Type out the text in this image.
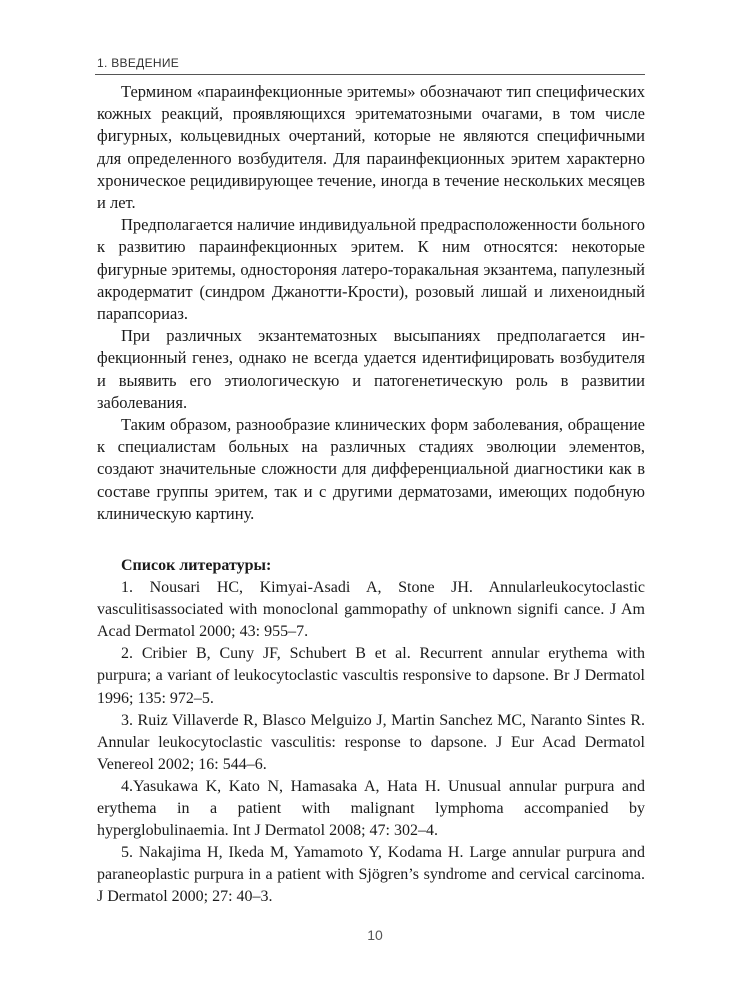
1. ВВЕДЕНИЕ

Термином «параинфекционные эритемы» обозначают тип специфических кожных реакций, проявляющихся эритематозными очагами, в том числе фигурных, кольцевидных очертаний, которые не являются специфичными для определенного возбудителя. Для параинфекционных эритем характерно хроническое рецидивирующее течение, иногда в течение нескольких месяцев и лет.

Предполагается наличие индивидуальной предрасположенности больного к развитию параинфекционных эритем. К ним относятся: некоторые фигурные эритемы, одностороняя латеро-торакальная экзантема, папулезный акродерматит (синдром Джанотти-Крости), розовый лишай и лихеноидный парапсориаз.

При различных экзантематозных высыпаниях предполагается инфекционный генез, однако не всегда удается идентифицировать возбудителя и выявить его этиологическую и патогенетическую роль в развитии заболевания.

Таким образом, разнообразие клинических форм заболевания, обращение к специалистам больных на различных стадиях эволюции элементов, создают значительные сложности для дифференциальной диагностики как в составе группы эритем, так и с другими дерматозами, имеющих подобную клиническую картину.

Список литературы:

1. Nousari HC, Kimyai-Asadi A, Stone JH. Annularleukocytoclastic vasculitisassociated with monoclonal gammopathy of unknown signifi cance. J Am Acad Dermatol 2000; 43: 955–7.

2. Cribier B, Cuny JF, Schubert B et al. Recurrent annular erythema with purpura; a variant of leukocytoclastic vascultis responsive to dapsone. Br J Dermatol 1996; 135: 972–5.

3. Ruiz Villaverde R, Blasco Melguizo J, Martin Sanchez MC, Naranto Sintes R. Annular leukocytoclastic vasculitis: response to dapsone. J Eur Acad Dermatol Venereol 2002; 16: 544–6.

4.Yasukawa K, Kato N, Hamasaka A, Hata H. Unusual annular purpura and erythema in a patient with malignant lymphoma accompanied by hyperglobulinaemia. Int J Dermatol 2008; 47: 302–4.

5. Nakajima H, Ikeda M, Yamamoto Y, Kodama H. Large annular purpura and paraneoplastic purpura in a patient with Sjögren’s syndrome and cervical carcinoma. J Dermatol 2000; 27: 40–3.

10
